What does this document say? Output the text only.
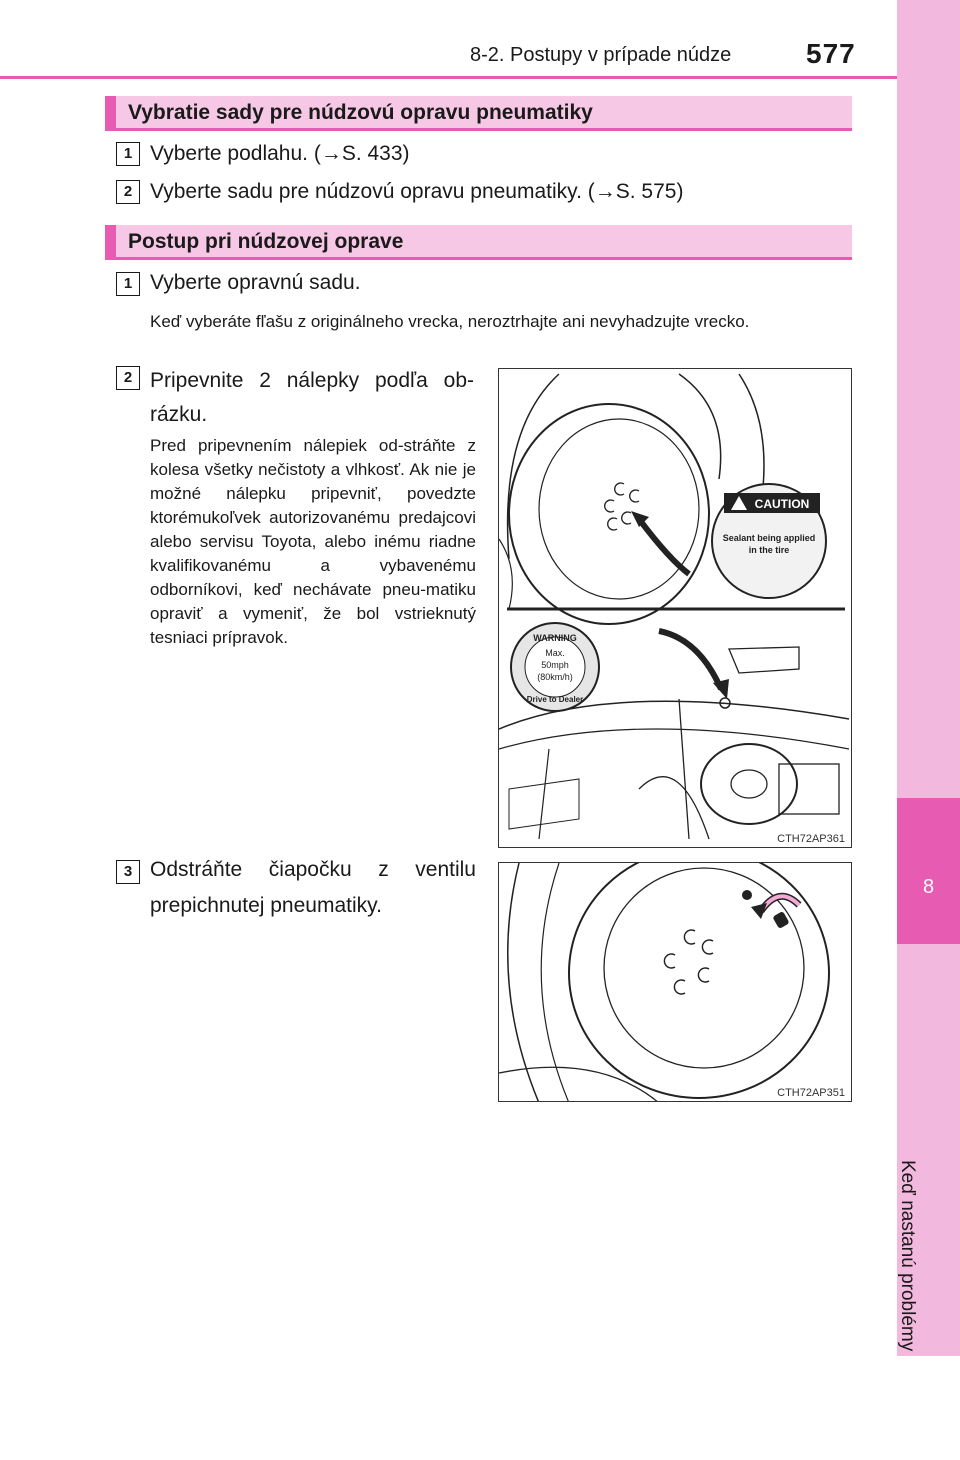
8-2. Postupy v prípade núdze	577
8
Keď nastanú problémy
Vybratie sady pre núdzovú opravu pneumatiky
1 Vyberte podlahu. (→S. 433)
2 Vyberte sadu pre núdzovú opravu pneumatiky. (→S. 575)
Postup pri núdzovej oprave
1 Vyberte opravnú sadu.
Keď vyberáte fľašu z originálneho vrecka, neroztrhajte ani nevyhadzujte vrecko.
2 Pripevnite 2 nálepky podľa ob-rázku.
Pred pripevnením nálepiek od-stráňte z kolesa všetky nečistoty a vlhkosť. Ak nie je možné nálepku pripevniť, povedzte ktorémukoľvek autorizovanému predajcovi alebo servisu Toyota, alebo inému riadne kvalifikovanému a vybavenému odborníkovi, keď nechávate pneu-matiku opraviť a vymeniť, že bol vstrieknutý tesniaci prípravok.
3 Odstráňte čiapočku z ventilu prepichnutej pneumatiky.
CAUTION
Sealant being applied
in the tire
WARNING
Max.
50mph
(80km/h)
Drive to Dealer
CTH72AP361
CTH72AP351
